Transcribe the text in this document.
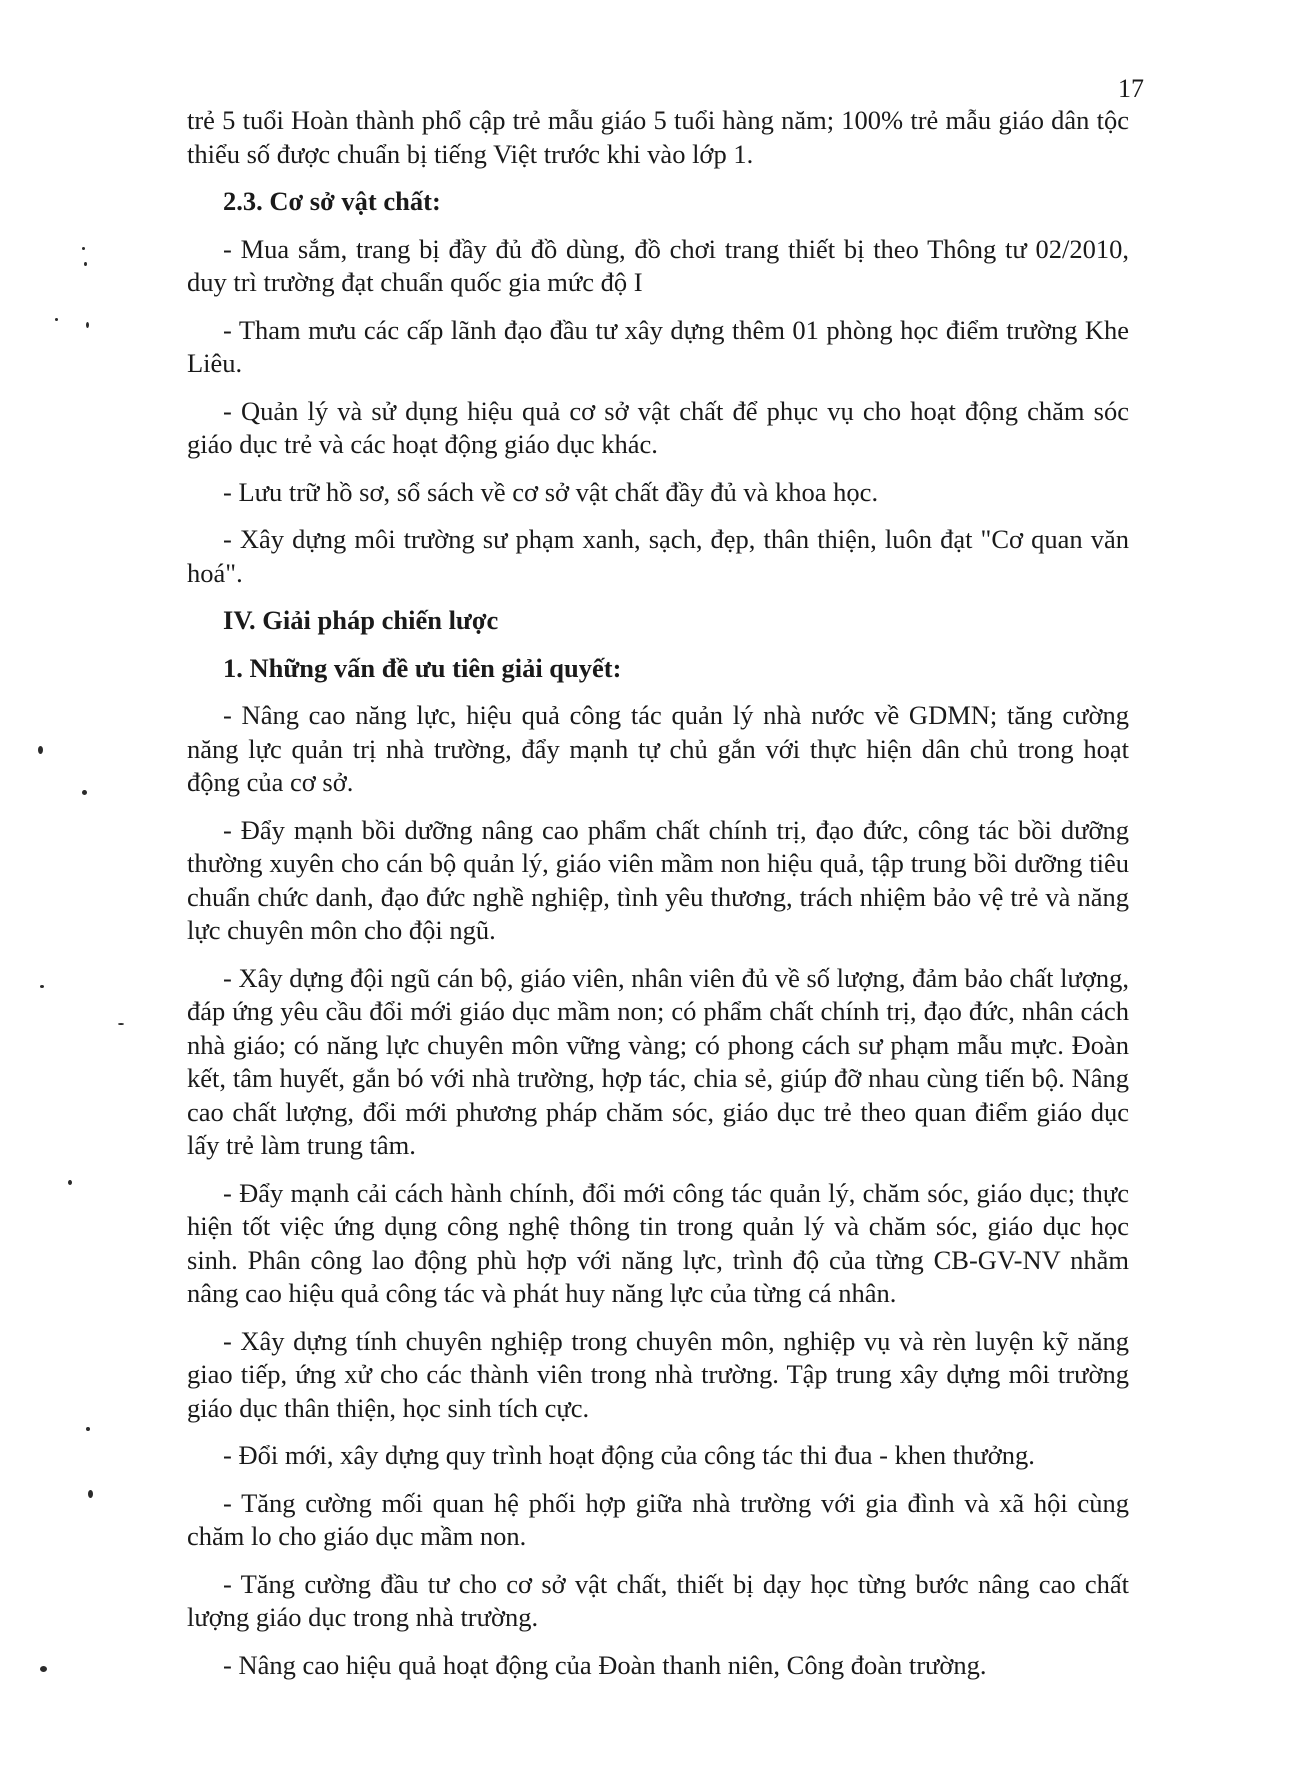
17

trẻ 5 tuổi Hoàn thành phổ cập trẻ mẫu giáo 5 tuổi hàng năm; 100% trẻ mẫu giáo dân tộc thiểu số được chuẩn bị tiếng Việt trước khi vào lớp 1.

2.3. Cơ sở vật chất:

- Mua sắm, trang bị đầy đủ đồ dùng, đồ chơi trang thiết bị theo Thông tư 02/2010, duy trì trường đạt chuẩn quốc gia mức độ I

- Tham mưu các cấp lãnh đạo đầu tư xây dựng thêm 01 phòng học điểm trường Khe Liêu.

- Quản lý và sử dụng hiệu quả cơ sở vật chất để phục vụ cho hoạt động chăm sóc giáo dục trẻ và các hoạt động giáo dục khác.

- Lưu trữ hồ sơ, sổ sách về cơ sở vật chất đầy đủ và khoa học.

- Xây dựng môi trường sư phạm xanh, sạch, đẹp, thân thiện, luôn đạt "Cơ quan văn hoá".

IV. Giải pháp chiến lược

1. Những vấn đề ưu tiên giải quyết:

- Nâng cao năng lực, hiệu quả công tác quản lý nhà nước về GDMN; tăng cường năng lực quản trị nhà trường, đẩy mạnh tự chủ gắn với thực hiện dân chủ trong hoạt động của cơ sở.

- Đẩy mạnh bồi dưỡng nâng cao phẩm chất chính trị, đạo đức, công tác bồi dưỡng thường xuyên cho cán bộ quản lý, giáo viên mầm non hiệu quả, tập trung bồi dưỡng tiêu chuẩn chức danh, đạo đức nghề nghiệp, tình yêu thương, trách nhiệm bảo vệ trẻ và năng lực chuyên môn cho đội ngũ.

- Xây dựng đội ngũ cán bộ, giáo viên, nhân viên đủ về số lượng, đảm bảo chất lượng, đáp ứng yêu cầu đổi mới giáo dục mầm non; có phẩm chất chính trị, đạo đức, nhân cách nhà giáo; có năng lực chuyên môn vững vàng; có phong cách sư phạm mẫu mực. Đoàn kết, tâm huyết, gắn bó với nhà trường, hợp tác, chia sẻ, giúp đỡ nhau cùng tiến bộ. Nâng cao chất lượng, đổi mới phương pháp chăm sóc, giáo dục trẻ theo quan điểm giáo dục lấy trẻ làm trung tâm.

- Đẩy mạnh cải cách hành chính, đổi mới công tác quản lý, chăm sóc, giáo dục; thực hiện tốt việc ứng dụng công nghệ thông tin trong quản lý và chăm sóc, giáo dục học sinh. Phân công lao động phù hợp với năng lực, trình độ của từng CB-GV-NV nhằm nâng cao hiệu quả công tác và phát huy năng lực của từng cá nhân.

- Xây dựng tính chuyên nghiệp trong chuyên môn, nghiệp vụ và rèn luyện kỹ năng giao tiếp, ứng xử cho các thành viên trong nhà trường. Tập trung xây dựng môi trường giáo dục thân thiện, học sinh tích cực.

- Đổi mới, xây dựng quy trình hoạt động của công tác thi đua - khen thưởng.

- Tăng cường mối quan hệ phối hợp giữa nhà trường với gia đình và xã hội cùng chăm lo cho giáo dục mầm non.

- Tăng cường đầu tư cho cơ sở vật chất, thiết bị dạy học từng bước nâng cao chất lượng giáo dục trong nhà trường.

- Nâng cao hiệu quả hoạt động của Đoàn thanh niên, Công đoàn trường.
